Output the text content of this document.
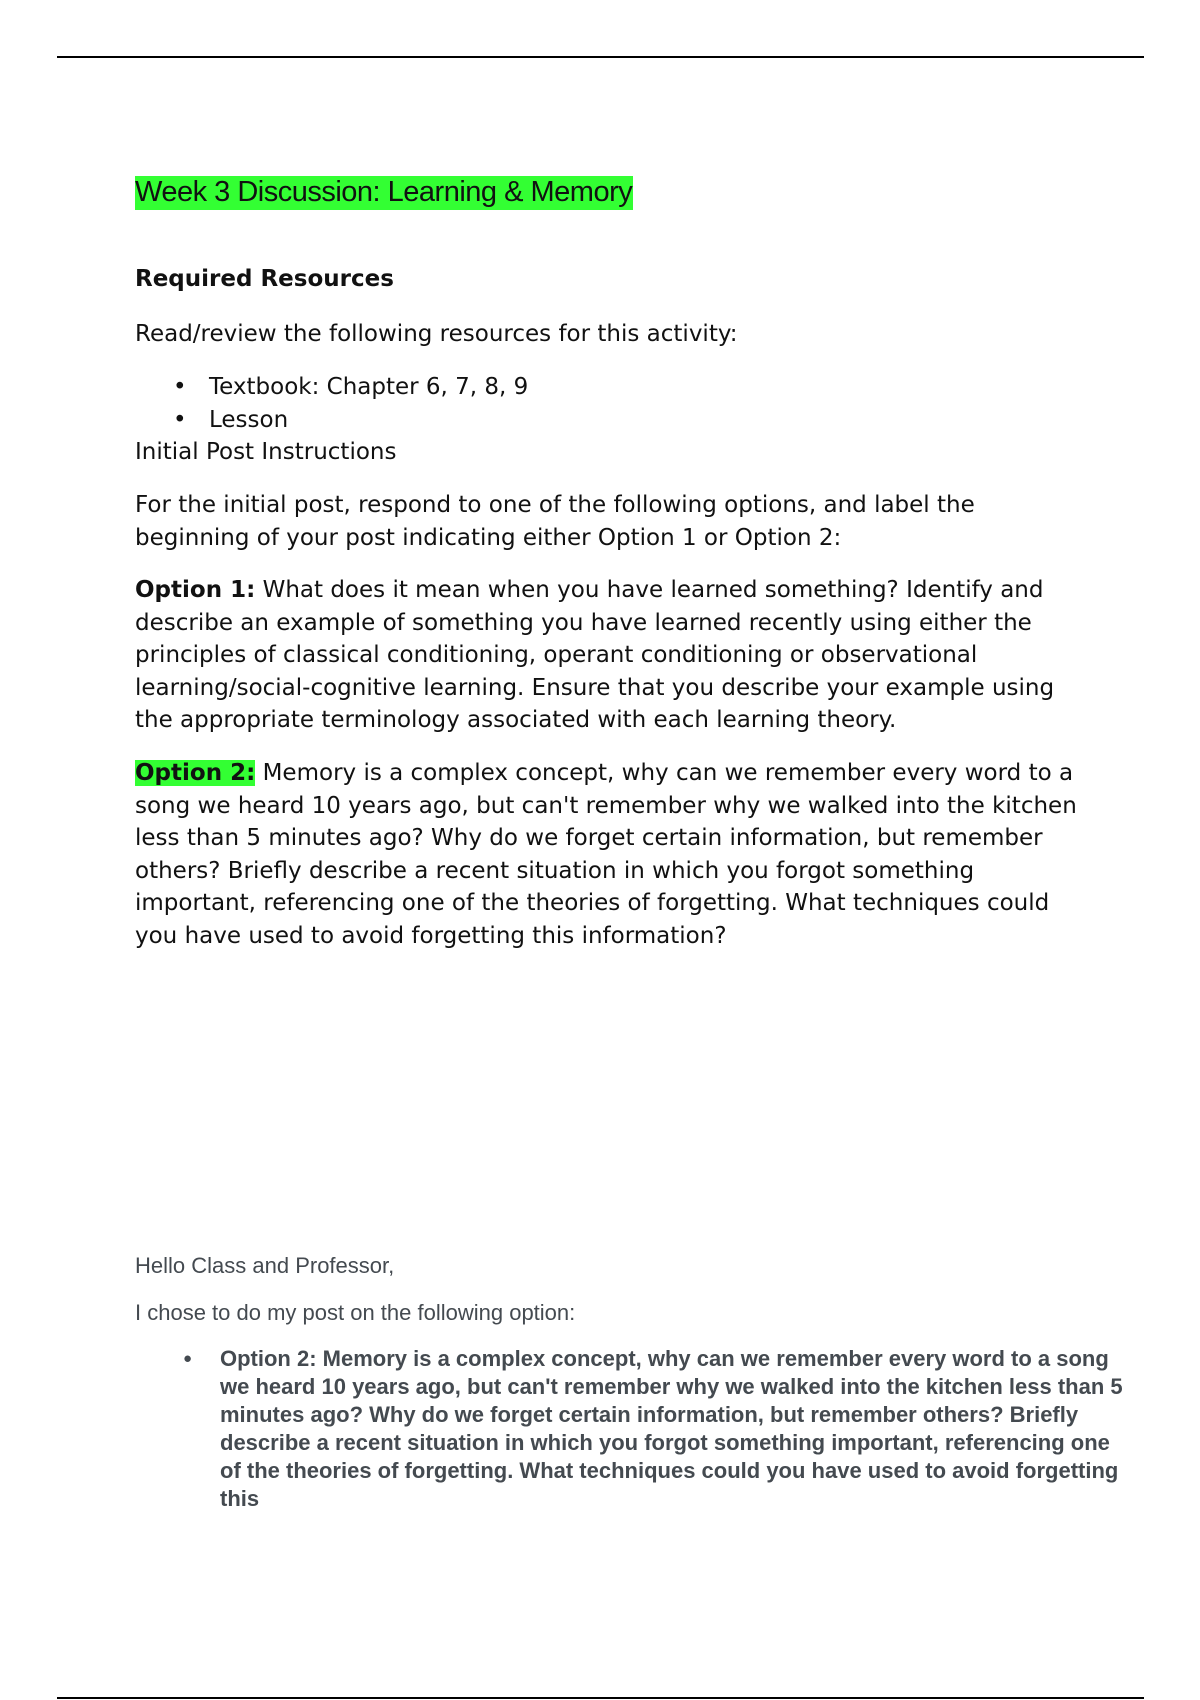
Week 3 Discussion: Learning & Memory
Required Resources

Read/review the following resources for this activity:

• Textbook: Chapter 6, 7, 8, 9
• Lesson

Initial Post Instructions

For the initial post, respond to one of the following options, and label the beginning of your post indicating either Option 1 or Option 2:

Option 1: What does it mean when you have learned something? Identify and describe an example of something you have learned recently using either the principles of classical conditioning, operant conditioning or observational learning/social-cognitive learning. Ensure that you describe your example using the appropriate terminology associated with each learning theory.

Option 2: Memory is a complex concept, why can we remember every word to a song we heard 10 years ago, but can't remember why we walked into the kitchen less than 5 minutes ago? Why do we forget certain information, but remember others? Briefly describe a recent situation in which you forgot something important, referencing one of the theories of forgetting. What techniques could you have used to avoid forgetting this information?

Hello Class and Professor,

I chose to do my post on the following option:

● Option 2: Memory is a complex concept, why can we remember every word to a song we heard 10 years ago, but can't remember why we walked into the kitchen less than 5 minutes ago? Why do we forget certain information, but remember others? Briefly describe a recent situation in which you forgot something important, referencing one of the theories of forgetting. What techniques could you have used to avoid forgetting this
